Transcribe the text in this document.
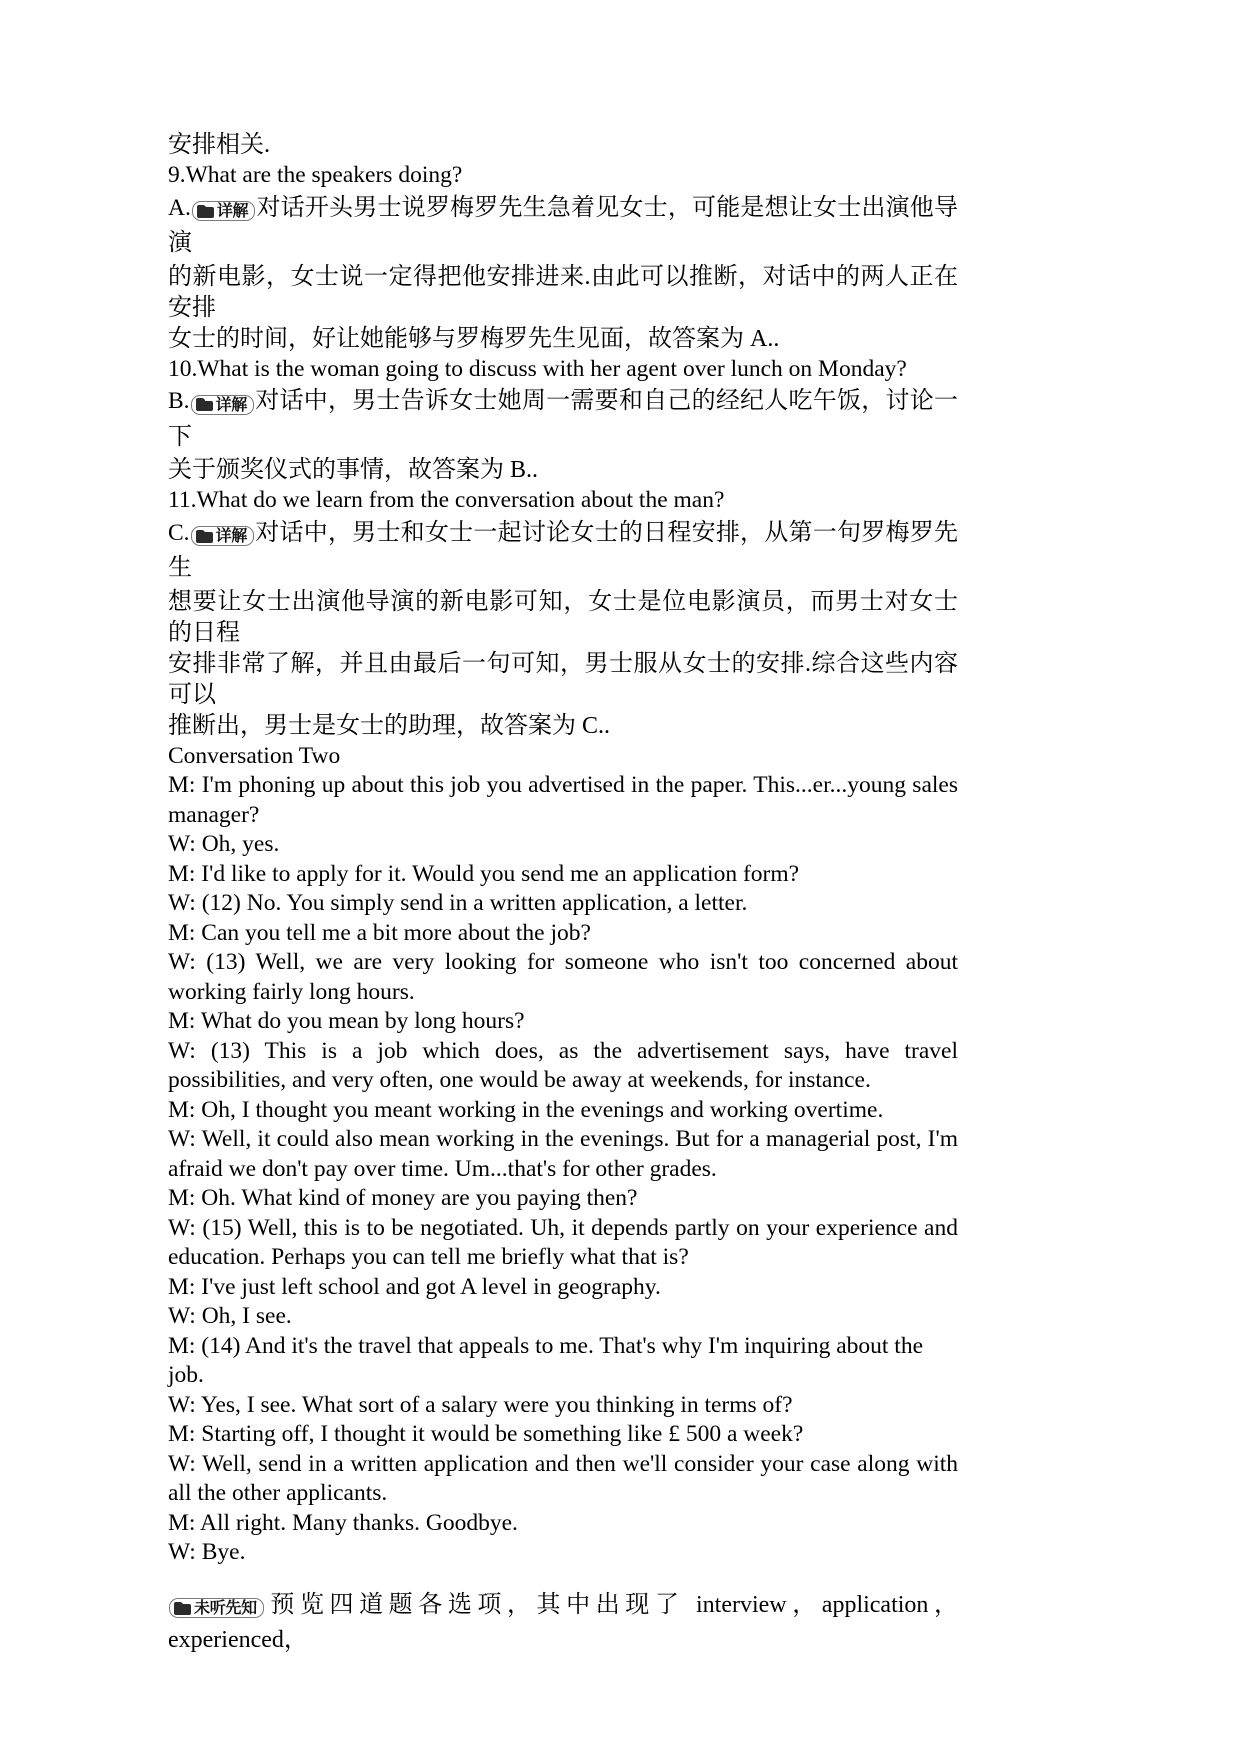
安排相关.

9.What are the speakers doing?

A. 详解 对话开头男士说罗梅罗先生急着见女士，可能是想让女士出演他导演

的新电影，女士说一定得把他安排进来.由此可以推断，对话中的两人正在安排

女士的时间，好让她能够与罗梅罗先生见面，故答案为 A..

10.What is the woman going to discuss with her agent over lunch on Monday?

B. 详解 对话中，男士告诉女士她周一需要和自己的经纪人吃午饭，讨论一下

关于颁奖仪式的事情，故答案为 B..

11.What do we learn from the conversation about the man?

C. 详解 对话中，男士和女士一起讨论女士的日程安排，从第一句罗梅罗先生

想要让女士出演他导演的新电影可知，女士是位电影演员，而男士对女士的日程

安排非常了解，并且由最后一句可知，男士服从女士的安排.综合这些内容可以

推断出，男士是女士的助理，故答案为 C..

Conversation Two

M: I'm phoning up about this job you advertised in the paper. This...er...young sales manager?

W: Oh, yes.

M: I'd like to apply for it. Would you send me an application form?

W: (12) No. You simply send in a written application, a letter.

M: Can you tell me a bit more about the job?

W: (13) Well, we are very looking for someone who isn't too concerned about working fairly long hours.

M: What do you mean by long hours?

W: (13) This is a job which does, as the advertisement says, have travel possibilities, and very often, one would be away at weekends, for instance.

M: Oh, I thought you meant working in the evenings and working overtime.

W: Well, it could also mean working in the evenings. But for a managerial post, I'm afraid we don't pay over time. Um...that's for other grades.

M: Oh. What kind of money are you paying then?

W: (15) Well, this is to be negotiated. Uh, it depends partly on your experience and education. Perhaps you can tell me briefly what that is?

M: I've just left school and got A level in geography.

W: Oh, I see.

M: (14) And it's the travel that appeals to me. That's why I'm inquiring about the job.

W: Yes, I see. What sort of a salary were you thinking in terms of?

M: Starting off, I thought it would be something like £ 500 a week?

W: Well, send in a written application and then we'll consider your case along with all the other applicants.

M: All right. Many thanks. Goodbye.

W: Bye.

未听先知 预览四道题各选项，其中出现了 interview，application，experienced，
